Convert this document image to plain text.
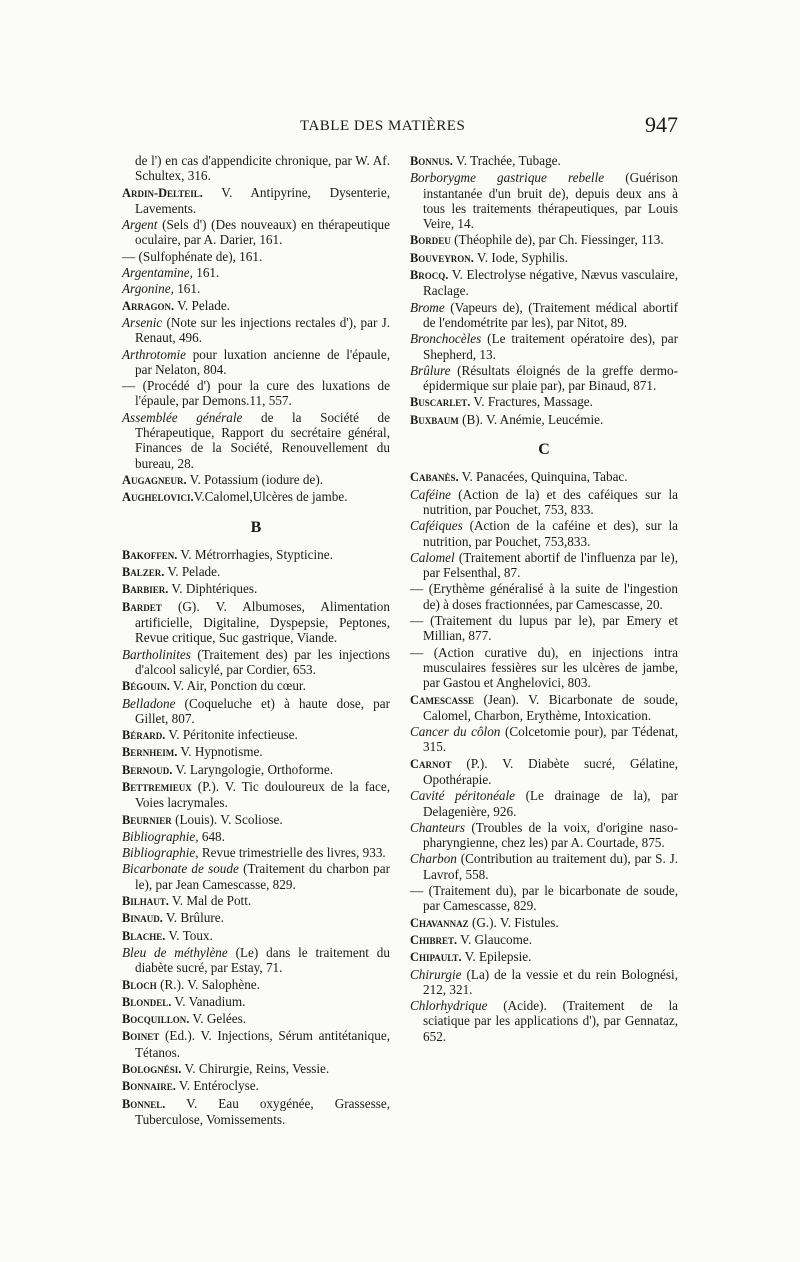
TABLE DES MATIÈRES	947
de l') en cas d'appendicite chronique, par W. Af. Schultex, 316.
Ardin-Delteil. V. Antipyrine, Dysenterie, Lavements.
Argent (Sels d') (Des nouveaux) en thérapeutique oculaire, par A. Darier, 161.
— (Sulfophénate de), 161.
Argentamine, 161.
Argonine, 161.
Arragon. V. Pelade.
Arsenic (Note sur les injections rectales d'), par J. Renaut, 496.
Arthrotomie pour luxation ancienne de l'épaule, par Nelaton, 804.
— (Procédé d') pour la cure des luxations de l'épaule, par Demons.11, 557.
Assemblée générale de la Société de Thérapeutique, Rapport du secrétaire général, Finances de la Société, Renouvellement du bureau, 28.
Augagneur. V. Potassium (iodure de).
Aughelovici.V.Calomel,Ulcères de jambe.
B
Bakoffen. V. Métrorrhagies, Stypticine.
Balzer. V. Pelade.
Barbier. V. Diphtériques.
Bardet (G). V. Albumoses, Alimentation artificielle, Digitaline, Dyspepsie, Peptones, Revue critique, Suc gastrique, Viande.
Bartholinites (Traitement des) par les injections d'alcool salicylé, par Cordier, 653.
Bégouin. V. Air, Ponction du cœur.
Belladone (Coqueluche et) à haute dose, par Gillet, 807.
Bérard. V. Péritonite infectieuse.
Bernheim. V. Hypnotisme.
Bernoud. V. Laryngologie, Orthoforme.
Bettremieux (P.). V. Tic douloureux de la face, Voies lacrymales.
Beurnier (Louis). V. Scoliose.
Bibliographie, 648.
Bibliographie, Revue trimestrielle des livres, 933.
Bicarbonate de soude (Traitement du charbon par le), par Jean Camescasse, 829.
Bilhaut. V. Mal de Pott.
Binaud. V. Brûlure.
Blache. V. Toux.
Bleu de méthylène (Le) dans le traitement du diabète sucré, par Estay, 71.
Bloch (R.). V. Salophène.
Blondel. V. Vanadium.
Bocquillon. V. Gelées.
Boinet (Ed.). V. Injections, Sérum antitétanique, Tétanos.
Bolognési. V. Chirurgie, Reins, Vessie.
Bonnaire. V. Entéroclyse.
Bonnel. V. Eau oxygénée, Grassesse, Tuberculose, Vomissements.
Bonnus. V. Trachée, Tubage.
Borborygme gastrique rebelle (Guérison instantanée d'un bruit de), depuis deux ans à tous les traitements thérapeutiques, par Louis Veire, 14.
Bordeu (Théophile de), par Ch. Fiessinger, 113.
Bouveyron. V. Iode, Syphilis.
Brocq. V. Electrolyse négative, Nævus vasculaire, Raclage.
Brome (Vapeurs de), (Traitement médical abortif de l'endométrite par les), par Nitot, 89.
Bronchocèles (Le traitement opératoire des), par Shepherd, 13.
Brûlure (Résultats éloignés de la greffe dermo-épidermique sur plaie par), par Binaud, 871.
Buscarlet. V. Fractures, Massage.
Buxbaum (B). V. Anémie, Leucémie.
C
Cabanès. V. Panacées, Quinquina, Tabac.
Caféine (Action de la) et des caféiques sur la nutrition, par Pouchet, 753, 833.
Caféiques (Action de la caféine et des), sur la nutrition, par Pouchet, 753,833.
Calomel (Traitement abortif de l'influenza par le), par Felsenthal, 87.
— (Erythème généralisé à la suite de l'ingestion de) à doses fractionnées, par Camescasse, 20.
— (Traitement du lupus par le), par Emery et Millian, 877.
— (Action curative du), en injections intra musculaires fessières sur les ulcères de jambe, par Gastou et Anghelovici, 803.
Camescasse (Jean). V. Bicarbonate de soude, Calomel, Charbon, Erythème, Intoxication.
Cancer du côlon (Colcetomie pour), par Tédenat, 315.
Carnot (P.). V. Diabète sucré, Gélatine, Opothérapie.
Cavité péritonéale (Le drainage de la), par Delagenière, 926.
Chanteurs (Troubles de la voix, d'origine naso-pharyngienne, chez les) par A. Courtade, 875.
Charbon (Contribution au traitement du), par S. J. Lavrof, 558.
— (Traitement du), par le bicarbonate de soude, par Camescasse, 829.
Chavannaz (G.). V. Fistules.
Chibret. V. Glaucome.
Chipault. V. Epilepsie.
Chirurgie (La) de la vessie et du rein Bolognési, 212, 321.
Chlorhydrique (Acide). (Traitement de la sciatique par les applications d'), par Gennataz, 652.
